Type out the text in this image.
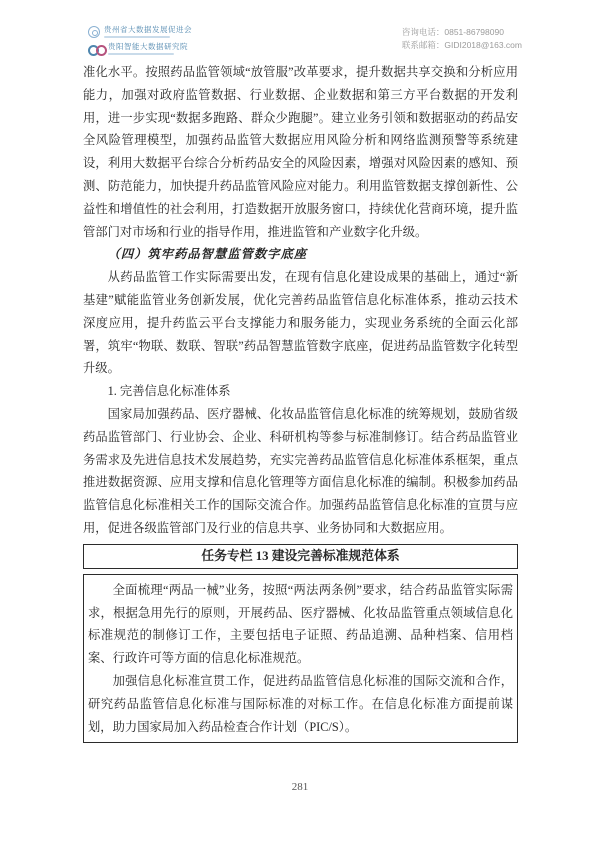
贵州省大数据发展促进会
贵阳智能大数据研究院
咨询电话：0851-86798090
联系邮箱：GIDI2018@163.com

准化水平。按照药品监管领域“放管服”改革要求，提升数据共享交换和分析应用能力，加强对政府监管数据、行业数据、企业数据和第三方平台数据的开发利用，进一步实现“数据多跑路、群众少跑腿”。建立业务引领和数据驱动的药品安全风险管理模型，加强药品监管大数据应用风险分析和网络监测预警等系统建设，利用大数据平台综合分析药品安全的风险因素，增强对风险因素的感知、预测、防范能力，加快提升药品监管风险应对能力。利用监管数据支撑创新性、公益性和增值性的社会利用，打造数据开放服务窗口，持续优化营商环境，提升监管部门对市场和行业的指导作用，推进监管和产业数字化升级。

（四）筑牢药品智慧监管数字底座

从药品监管工作实际需要出发，在现有信息化建设成果的基础上，通过“新基建”赋能监管业务创新发展，优化完善药品监管信息化标准体系，推动云技术深度应用，提升药监云平台支撑能力和服务能力，实现业务系统的全面云化部署，筑牢“物联、数联、智联”药品智慧监管数字底座，促进药品监管数字化转型升级。

1. 完善信息化标准体系

国家局加强药品、医疗器械、化妆品监管信息化标准的统筹规划，鼓励省级药品监管部门、行业协会、企业、科研机构等参与标准制修订。结合药品监管业务需求及先进信息技术发展趋势，充实完善药品监管信息化标准体系框架，重点推进数据资源、应用支撑和信息化管理等方面信息化标准的编制。积极参加药品监管信息化标准相关工作的国际交流合作。加强药品监管信息化标准的宣贯与应用，促进各级监管部门及行业的信息共享、业务协同和大数据应用。

任务专栏 13 建设完善标准规范体系

全面梳理“两品一械”业务，按照“两法两条例”要求，结合药品监管实际需求，根据急用先行的原则，开展药品、医疗器械、化妆品监管重点领域信息化标准规范的制修订工作，主要包括电子证照、药品追溯、品种档案、信用档案、行政许可等方面的信息化标准规范。

加强信息化标准宣贯工作，促进药品监管信息化标准的国际交流和合作，研究药品监管信息化标准与国际标准的对标工作。在信息化标准方面提前谋划，助力国家局加入药品检查合作计划（PIC/S）。

281
